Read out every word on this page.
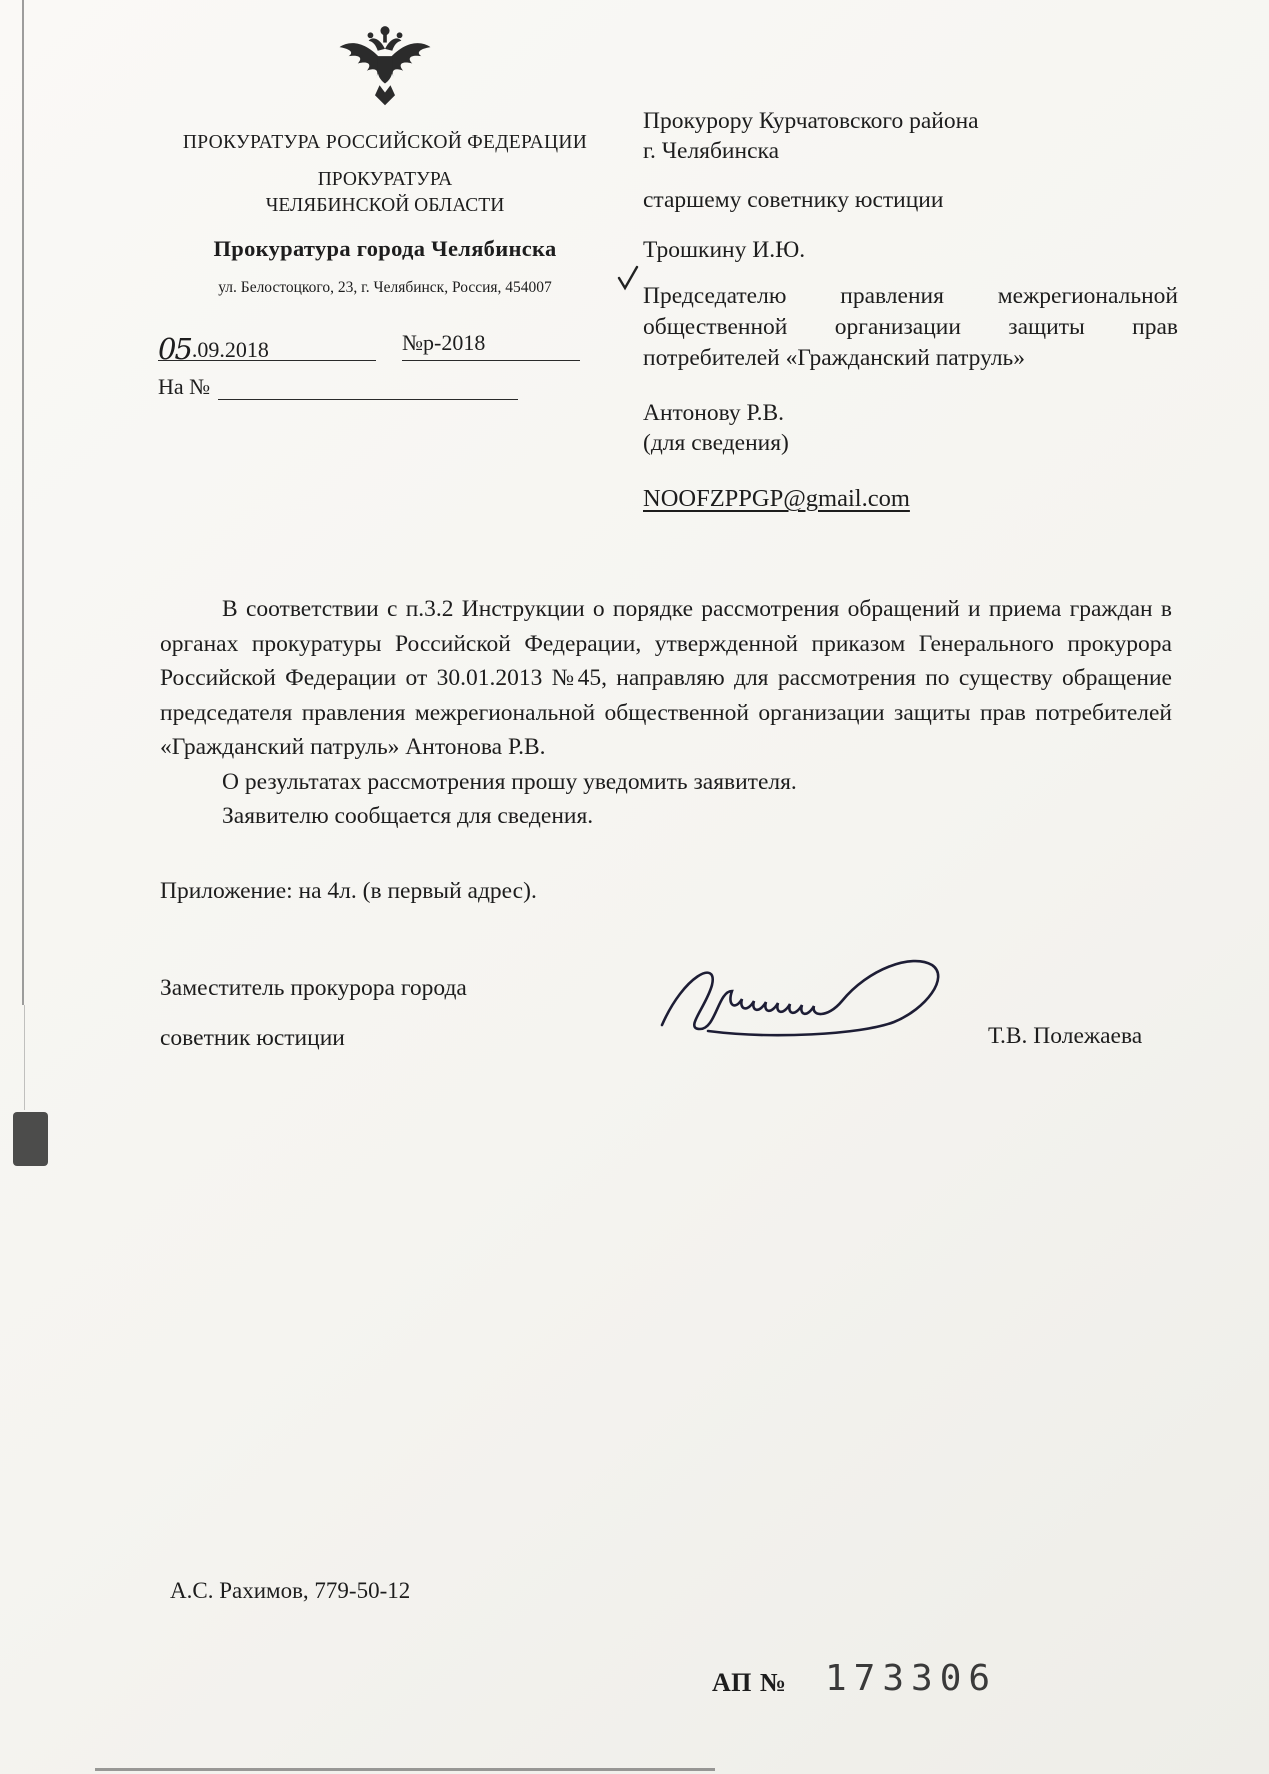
ПРОКУРАТУРА РОССИЙСКОЙ ФЕДЕРАЦИИ
ПРОКУРАТУРА
ЧЕЛЯБИНСКОЙ ОБЛАСТИ
Прокуратура города Челябинска
ул. Белостоцкого, 23, г. Челябинск, Россия, 454007
05.09.2018	№р-2018
На №
Прокурору Курчатовского района
г. Челябинска
старшему советнику юстиции
Трошкину И.Ю.
Председателю правления межрегиональной общественной организации защиты прав потребителей «Гражданский патруль»
Антонову Р.В.
(для сведения)
NOOFZPPGP@gmail.com

В соответствии с п.3.2 Инструкции о порядке рассмотрения обращений и приема граждан в органах прокуратуры Российской Федерации, утвержденной приказом Генерального прокурора Российской Федерации от 30.01.2013 №45, направляю для рассмотрения по существу обращение председателя правления межрегиональной общественной организации защиты прав потребителей «Гражданский патруль» Антонова Р.В.

О результатах рассмотрения прошу уведомить заявителя.

Заявителю сообщается для сведения.

Приложение: на 4л. (в первый адрес).

Заместитель прокурора города
советник юстиции	Т.В. Полежаева
А.С. Рахимов, 779-50-12
АП № 173306
